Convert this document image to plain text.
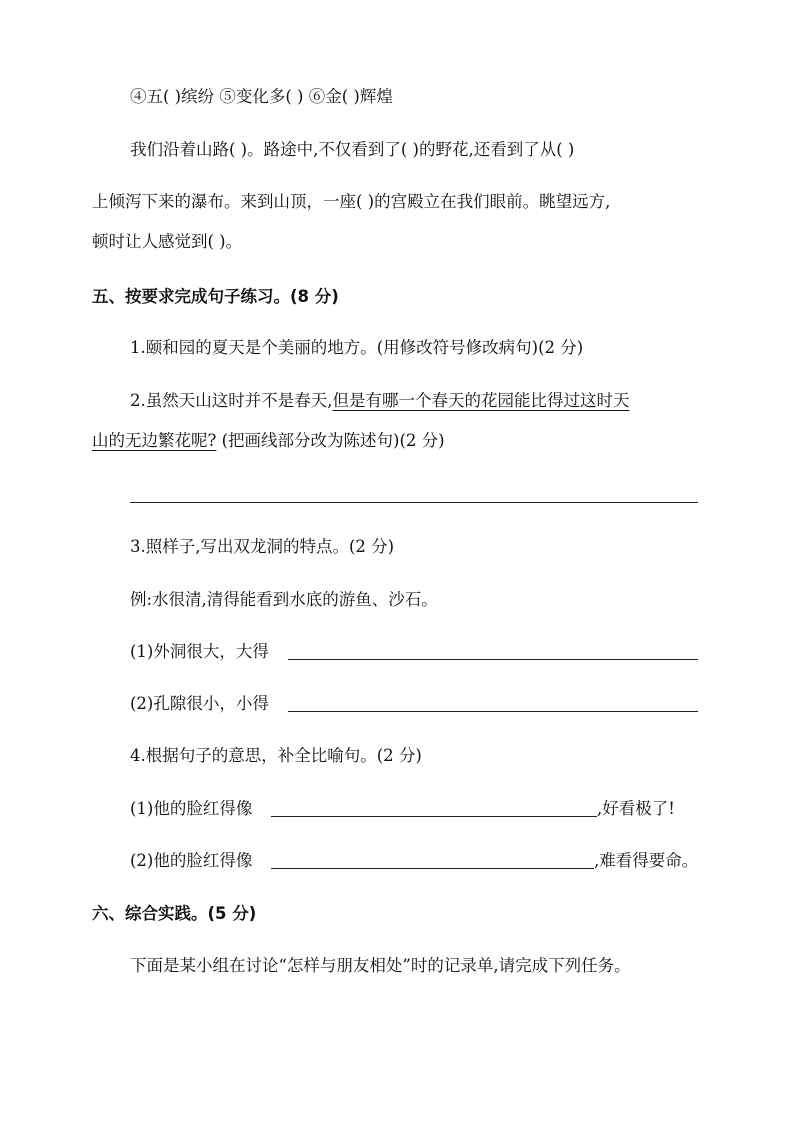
④五( )缤纷 ⑤变化多( ) ⑥金( )辉煌
我们沿着山路( )。路途中,不仅看到了( )的野花,还看到了从( )
上倾泻下来的瀑布。来到山顶，一座( )的宫殿立在我们眼前。眺望远方,
顿时让人感觉到( )。
五、按要求完成句子练习。(8 分)
1.颐和园的夏天是个美丽的地方。(用修改符号修改病句)(2 分)
2.虽然天山这时并不是春天,但是有哪一个春天的花园能比得过这时天
山的无边繁花呢? (把画线部分改为陈述句)(2 分)
3.照样子,写出双龙洞的特点。(2 分)
例:水很清,清得能看到水底的游鱼、沙石。
(1)外洞很大，大得
(2)孔隙很小，小得
4.根据句子的意思，补全比喻句。(2 分)
(1)他的脸红得像	,好看极了!
(2)他的脸红得像	,难看得要命。
六、综合实践。(5 分)
下面是某小组在讨论“怎样与朋友相处”时的记录单,请完成下列任务。
